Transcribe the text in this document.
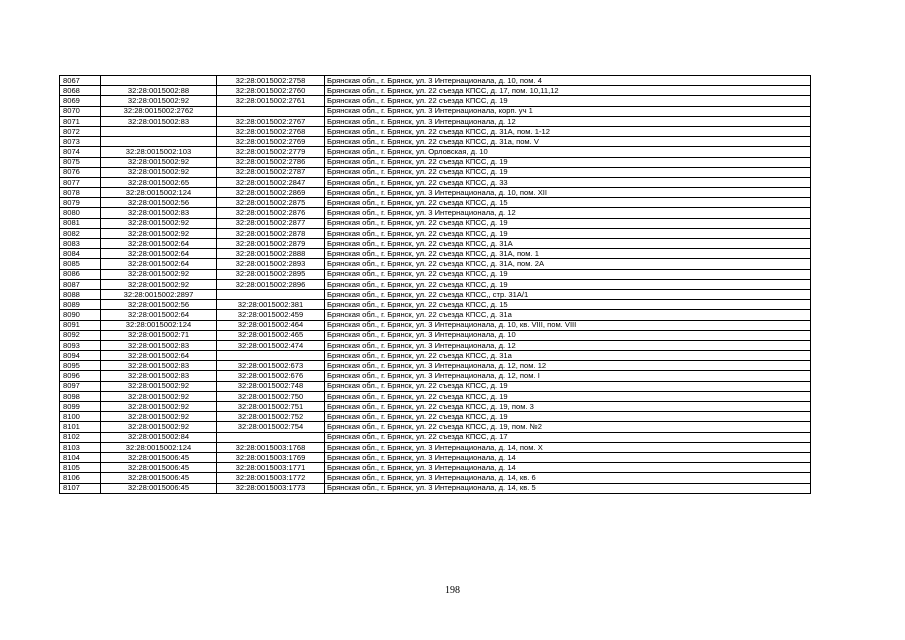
8067		32:28:0015002:2758	Брянская обл., г. Брянск, ул. 3 Интернационала, д. 10, пом. 4
8068	32:28:0015002:88	32:28:0015002:2760	Брянская обл., г. Брянск, ул. 22 съезда КПСС, д. 17, пом. 10,11,12
8069	32:28:0015002:92	32:28:0015002:2761	Брянская обл., г. Брянск, ул. 22 съезда КПСС, д. 19
8070	32:28:0015002:2762		Брянская обл., г. Брянск, ул. 3 Интернационала, корп. уч 1
8071	32:28:0015002:83	32:28:0015002:2767	Брянская обл., г. Брянск, ул. 3 Интернационала, д. 12
8072		32:28:0015002:2768	Брянская обл., г. Брянск, ул. 22 съезда КПСС, д. 31А, пом. 1-12
8073		32:28:0015002:2769	Брянская обл., г. Брянск, ул. 22 съезда КПСС, д. 31а, пом. V
8074	32:28:0015002:103	32:28:0015002:2779	Брянская обл., г. Брянск, ул. Орловская, д. 10
8075	32:28:0015002:92	32:28:0015002:2786	Брянская обл., г. Брянск, ул. 22 съезда КПСС, д. 19
8076	32:28:0015002:92	32:28:0015002:2787	Брянская обл., г. Брянск, ул. 22 съезда КПСС, д. 19
8077	32:28:0015002:65	32:28:0015002:2847	Брянская обл., г. Брянск, ул. 22 съезда КПСС, д. 33
8078	32:28:0015002:124	32:28:0015002:2869	Брянская обл., г. Брянск, ул. 3 Интернационала, д. 10, пом. XII
8079	32:28:0015002:56	32:28:0015002:2875	Брянская обл., г. Брянск, ул. 22 съезда КПСС, д. 15
8080	32:28:0015002:83	32:28:0015002:2876	Брянская обл., г. Брянск, ул. 3 Интернационала, д. 12
8081	32:28:0015002:92	32:28:0015002:2877	Брянская обл., г. Брянск, ул. 22 съезда КПСС, д. 19
8082	32:28:0015002:92	32:28:0015002:2878	Брянская обл., г. Брянск, ул. 22 съезда КПСС, д. 19
8083	32:28:0015002:64	32:28:0015002:2879	Брянская обл., г. Брянск, ул. 22 съезда КПСС, д. 31А
8084	32:28:0015002:64	32:28:0015002:2888	Брянская обл., г. Брянск, ул. 22 съезда КПСС, д. 31А, пом. 1
8085	32:28:0015002:64	32:28:0015002:2893	Брянская обл., г. Брянск, ул. 22 съезда КПСС, д. 31А, пом. 2А
8086	32:28:0015002:92	32:28:0015002:2895	Брянская обл., г. Брянск, ул. 22 съезда КПСС, д. 19
8087	32:28:0015002:92	32:28:0015002:2896	Брянская обл., г. Брянск, ул. 22 съезда КПСС, д. 19
8088	32:28:0015002:2897		Брянская обл., г. Брянск, ул. 22 съезда КПСС,, стр. 31А/1
8089	32:28:0015002:56	32:28:0015002:381	Брянская обл., г. Брянск, ул. 22 съезда КПСС, д. 15
8090	32:28:0015002:64	32:28:0015002:459	Брянская обл., г. Брянск, ул. 22 съезда КПСС, д. 31а
8091	32:28:0015002:124	32:28:0015002:464	Брянская обл., г. Брянск, ул. 3 Интернационала, д. 10, кв. VIII, пом. VIII
8092	32:28:0015002:71	32:28:0015002:465	Брянская обл., г. Брянск, ул. 3 Интернационала, д. 10
8093	32:28:0015002:83	32:28:0015002:474	Брянская обл., г. Брянск, ул. 3 Интернационала, д. 12
8094	32:28:0015002:64		Брянская обл., г. Брянск, ул. 22 съезда КПСС, д. 31а
8095	32:28:0015002:83	32:28:0015002:673	Брянская обл., г. Брянск, ул. 3 Интернационала, д. 12, пом. 12
8096	32:28:0015002:83	32:28:0015002:676	Брянская обл., г. Брянск, ул. 3 Интернационала, д. 12, пом. I
8097	32:28:0015002:92	32:28:0015002:748	Брянская обл., г. Брянск, ул. 22 съезда КПСС, д. 19
8098	32:28:0015002:92	32:28:0015002:750	Брянская обл., г. Брянск, ул. 22 съезда КПСС, д. 19
8099	32:28:0015002:92	32:28:0015002:751	Брянская обл., г. Брянск, ул. 22 съезда КПСС, д. 19, пом. 3
8100	32:28:0015002:92	32:28:0015002:752	Брянская обл., г. Брянск, ул. 22 съезда КПСС, д. 19
8101	32:28:0015002:92	32:28:0015002:754	Брянская обл., г. Брянск, ул. 22 съезда КПСС, д. 19, пом. №2
8102	32:28:0015002:84		Брянская обл., г. Брянск, ул. 22 съезда КПСС, д. 17
8103	32:28:0015002:124	32:28:0015003:1768	Брянская обл., г. Брянск, ул. 3 Интернационала, д. 14, пом. X
8104	32:28:0015006:45	32:28:0015003:1769	Брянская обл., г. Брянск, ул. 3 Интернационала, д. 14
8105	32:28:0015006:45	32:28:0015003:1771	Брянская обл., г. Брянск, ул. 3 Интернационала, д. 14
8106	32:28:0015006:45	32:28:0015003:1772	Брянская обл., г. Брянск, ул. 3 Интернационала, д. 14, кв. 6
8107	32:28:0015006:45	32:28:0015003:1773	Брянская обл., г. Брянск, ул. 3 Интернационала, д. 14, кв. 5
198
